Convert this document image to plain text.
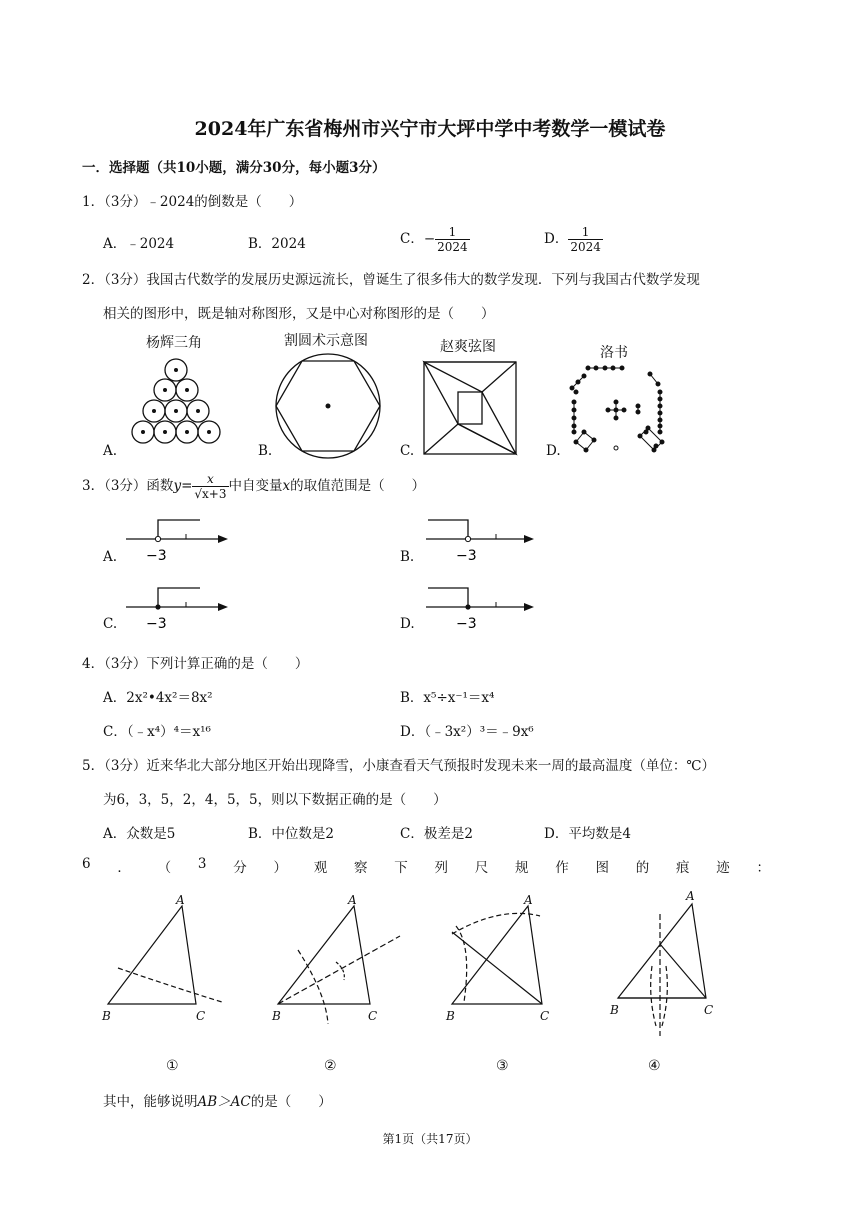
2024年广东省梅州市兴宁市大坪中学中考数学一模试卷
一．选择题（共10小题，满分30分，每小题3分）
1．（3分）﹣2024的倒数是（　　）
A．﹣2024	B．2024	C．− $\frac{1}{2024}$	D． $\frac{1}{2024}$
2．（3分）我国古代数学的发展历史源远流长，曾诞生了很多伟大的数学发现．下列与我国古代数学发现
相关的图形中，既是轴对称图形，又是中心对称图形的是（　　）
杨辉三角	割圆术示意图	赵爽弦图	洛书
A.	B.	C.	D.
3．（3分）函数$y= \frac{x}{√x+3}$ 中自变量x的取值范围是（　　）
A.	B.
C.	D.
−3	−3
−3	−3
4．（3分）下列计算正确的是（　　）
A．2x²•4x²＝8x²	B．x⁵÷x⁻¹＝x⁴
C．（﹣x⁴）⁴＝x¹⁶	D．（﹣3x²）³＝﹣9x⁶
5．（3分）近来华北大部分地区开始出现降雪，小康查看天气预报时发现未来一周的最高温度（单位：℃）
为6，3，5，2，4，5，5，则以下数据正确的是（　　）
A．众数是5	B．中位数是2	C．极差是2	D．平均数是4
6 ． （ 3 分 ） 观 察 下 列 尺 规 作 图 的 痕 迹 ：
A
B	C
A
B	C
A
B	C
A
B	C
①	②	③	④
其中，能够说明AB＞AC的是（　　）
第1页（共17页）
